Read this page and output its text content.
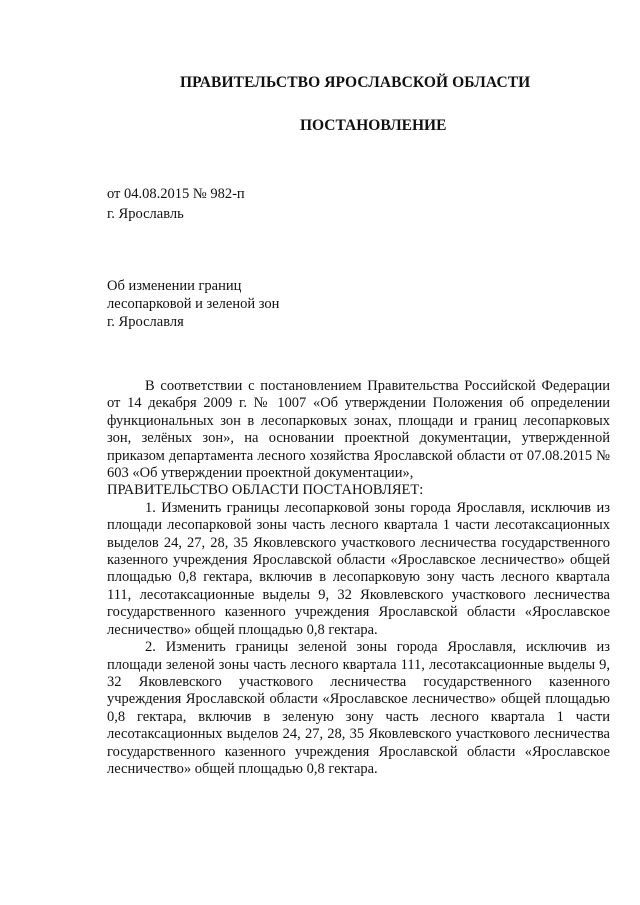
ПРАВИТЕЛЬСТВО ЯРОСЛАВСКОЙ ОБЛАСТИ
ПОСТАНОВЛЕНИЕ
от 04.08.2015 № 982-п
г. Ярославль
Об изменении границ
лесопарковой и зеленой зон
г. Ярославля

В соответствии с постановлением Правительства Российской Федерации от 14 декабря 2009 г. № 1007 «Об утверждении Положения об определении функциональных зон в лесопарковых зонах, площади и границ лесопарковых зон, зелёных зон», на основании проектной документации, утвержденной приказом департамента лесного хозяйства Ярославской области от 07.08.2015 № 603 «Об утверждении проектной документации»,

ПРАВИТЕЛЬСТВО ОБЛАСТИ ПОСТАНОВЛЯЕТ:

1. Изменить границы лесопарковой зоны города Ярославля, исключив из площади лесопарковой зоны часть лесного квартала 1 части лесотаксационных выделов 24, 27, 28, 35 Яковлевского участкового лесничества государственного казенного учреждения Ярославской области «Ярославское лесничество» общей площадью 0,8 гектара, включив в лесопарковую зону часть лесного квартала 111, лесотаксационные выделы 9, 32 Яковлевского участкового лесничества государственного казенного учреждения Ярославской области «Ярославское лесничество» общей площадью 0,8 гектара.

2. Изменить границы зеленой зоны города Ярославля, исключив из площади зеленой зоны часть лесного квартала 111, лесотаксационные выделы 9, 32 Яковлевского участкового лесничества государственного казенного учреждения Ярославской области «Ярославское лесничество» общей площадью 0,8 гектара, включив в зеленую зону часть лесного квартала 1 части лесотаксационных выделов 24, 27, 28, 35 Яковлевского участкового лесничества государственного казенного учреждения Ярославской области «Ярославское лесничество» общей площадью 0,8 гектара.
